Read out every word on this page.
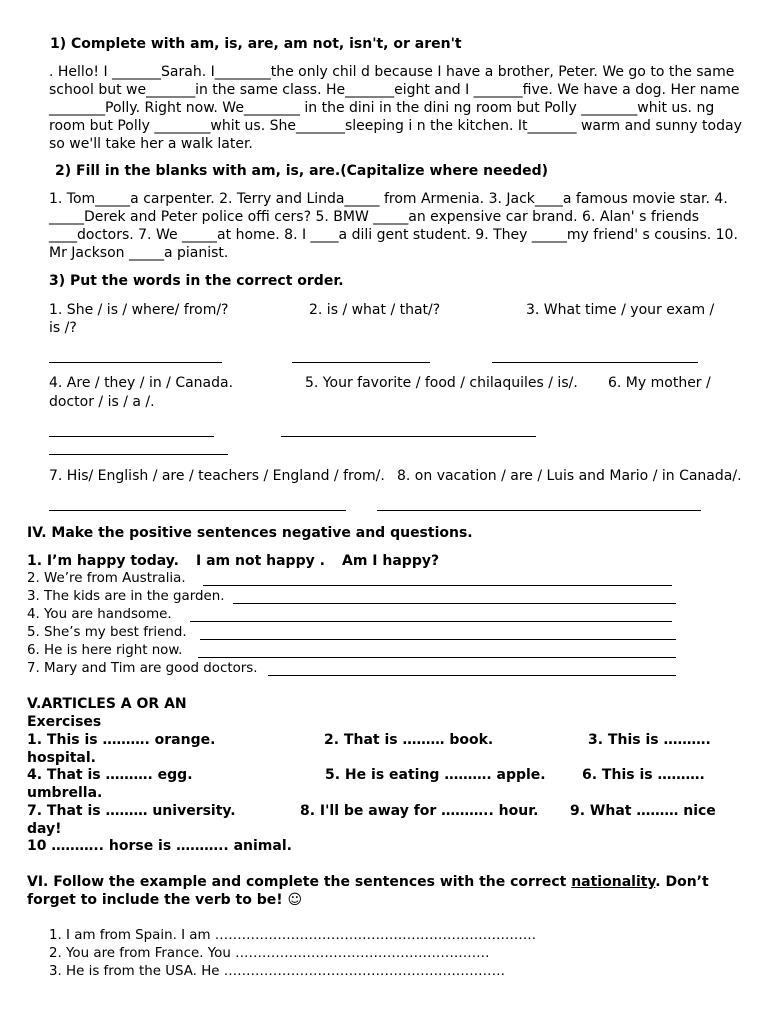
1) Complete with am, is, are, am not, isn't, or aren't
. Hello! I _______Sarah. I________the only chil d because I have a brother, Peter. We go to the same
school but we_______in the same class. He_______eight and I _______five. We have a dog. Her name
________Polly. Right now. We________ in the dini in the dini ng room but Polly ________whit us. ng
room but Polly ________whit us. She_______sleeping i n the kitchen. It_______ warm and sunny today
so we'll take her a walk later.
2) Fill in the blanks with am, is, are.(Capitalize where needed)
1. Tom_____a carpenter. 2. Terry and Linda_____ from Armenia. 3. Jack____a famous movie star. 4.
_____Derek and Peter police offi cers? 5. BMW _____an expensive car brand. 6. Alan' s friends
____doctors. 7. We _____at home. 8. I ____a dili gent student. 9. They _____my friend' s cousins. 10.
Mr Jackson _____a pianist.
3) Put the words in the correct order.
1. She / is / where/ from/?	2. is / what / that/?	3. What time / your exam /
is /?
4. Are / they / in / Canada.	5. Your favorite / food / chilaquiles / is/. 6. My mother /
doctor / is / a /.
7. His/ English / are / teachers / England / from/. 8. on vacation / are / Luis and Mario / in Canada/.
IV. Make the positive sentences negative and questions.
1. I’m happy today. I am not happy . Am I happy?
2. We’re from Australia.
3. The kids are in the garden.
4. You are handsome.
5. She’s my best friend.
6. He is here right now.
7. Mary and Tim are good doctors.
V.ARTICLES A OR AN
Exercises
1. This is ………. orange.	2. That is ……… book.	3. This is ……….
hospital.
4. That is ………. egg.	5. He is eating ………. apple.	6. This is ……….
umbrella.
7. That is ……… university.	8. I'll be away for ……….. hour. 9. What ……… nice
day!
10 ……….. horse is ……….. animal.
VI. Follow the example and complete the sentences with the correct nationality. Don’t
forget to include the verb to be! ☺
1. I am from Spain. I am ………………………………………………………………
2. You are from France. You …………………………………………………
3. He is from the USA. He ………………………………………………………
